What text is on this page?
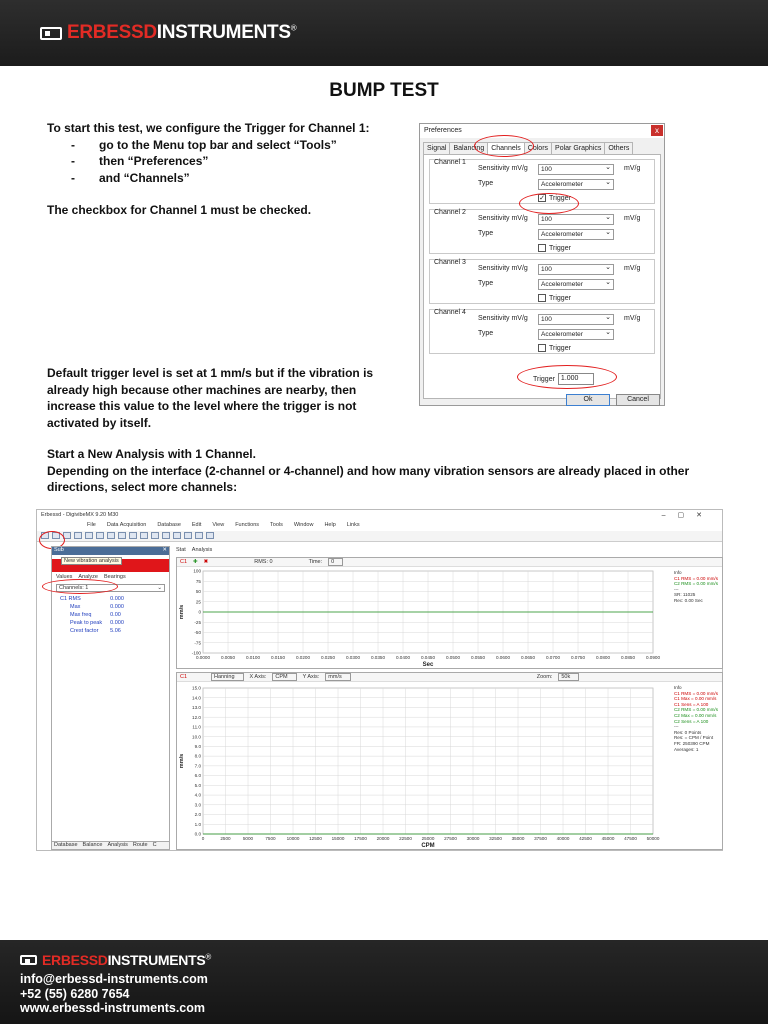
ERBESSDINSTRUMENTS®
BUMP TEST
To start this test, we configure the Trigger for Channel 1:
-	go to the Menu top bar and select “Tools”
-	then “Preferences”
-	and “Channels”
The checkbox for Channel 1 must be checked.
Default trigger level is set at 1 mm/s but if the vibration is already high because other machines are nearby, then increase this value to the level where the trigger is not activated by itself.
Start a New Analysis with 1 Channel.
Depending on the interface (2-channel or 4-channel) and how many vibration sensors are already placed in other directions, select more channels:
Preferences	x
Signal	Balancing	Channels	Colors	Polar Graphics	Others
Channel 1
Sensitivity mV/g	100 ⌄	mV/g
Type	Accelerometer ⌄
✓ Trigger
Channel 2
Sensitivity mV/g	100 ⌄	mV/g
Type	Accelerometer ⌄
Trigger
Channel 3
Sensitivity mV/g	100 ⌄	mV/g
Type	Accelerometer ⌄
Trigger
Channel 4
Sensitivity mV/g	100 ⌄	mV/g
Type	Accelerometer ⌄
Trigger
Trigger 1.000
Ok	Cancel
Erbessd - DigivibeMX 9.20 M30	–▢✕
File Data Acquisition Database Edit View Functions Tools Window Help Links
New vibration analysis
Sub	✕
Values Analyze Bearings
Channels: 1	⌄
C1 RMS	0.000
Max	0.000
Max freq	0.00
Peak to peak	0.000
Crest factor	5.06
Database Balance Analysis Route C
Stat Analysis
C1 ✚ ✖	RMS: 0	Time:	0
0.0000 0.0050 0.0100 0.0150 0.0200 0.0250 0.0300 0.0350 0.0400 0.0450 0.0500 0.0550 0.0600 0.0650 0.0700 0.0750 0.0800 0.0850 0.0900
100
75
50
25
0
-25
-50
-75
-100
Sec
mm/s
Info
C1 RMS = 0.00 mm/s
C2 RMS = 0.00 mm/s
---
SR: 11025
Rec: 0.00 Sec
C1	Hanning	X Axis:	CPM	Y Axis:	mm/s	Zoom:	50k
0	2500	5000	7500 10000 12500 15000 17500 20000 22500 25000 27500 30000 32500 35000 37500 40000 42500 45000 47500 50000
15.0
14.0
13.0
12.0
11.0
10.0
9.0
8.0
7.0
6.0
5.0
4.0
3.0
2.0
1.0
0.0
CPM
mm/s
Info
C1 RMS = 0.00 mm/s
C1 Max = 0.00 mm/s
C1 Sens = A 100
C2 RMS = 0.00 mm/s
C2 Max = 0.00 mm/s
C2 Sens = A 100
---
Res: 0 Points
Res: = CPM / Point
FR: 250390 CPM
Averages: 1
ERBESSDINSTRUMENTS®
info@erbessd-instruments.com
+52 (55) 6280 7654
www.erbessd-instruments.com
